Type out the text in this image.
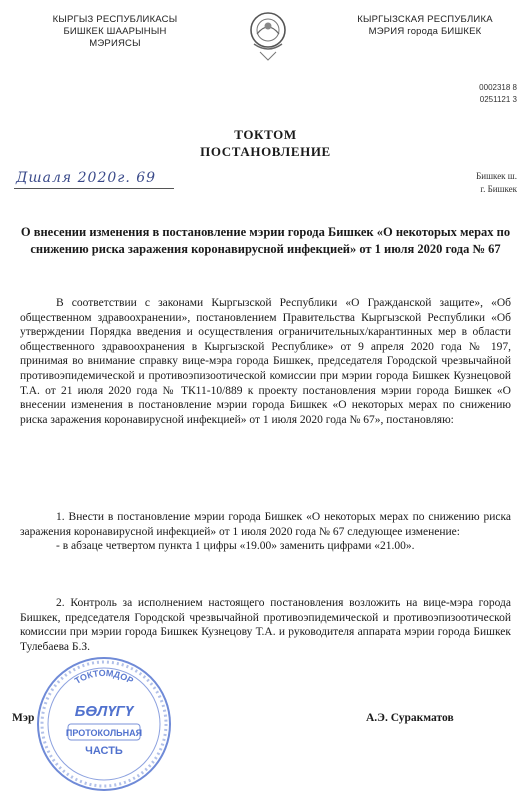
КЫРГЫЗ РЕСПУБЛИКАСЫ
БИШКЕК ШААРЫНЫН
МЭРИЯСЫ
КЫРГЫЗСКАЯ РЕСПУБЛИКА
МЭРИЯ города БИШКЕК
0002318 8
0251121 3
ТОКТОМ
ПОСТАНОВЛЕНИЕ
Дшаля 2020г. 69	Бишкек ш.
г. Бишкек
О внесении изменения в постановление мэрии города Бишкек «О некоторых мерах по снижению риска заражения коронавирусной инфекцией» от 1 июля 2020 года № 67
В соответствии с законами Кыргызской Республики «О Гражданской защите», «Об общественном здравоохранении», постановлением Правительства Кыргызской Республики «Об утверждении Порядка введения и осуществления ограничительных/карантинных мер в области общественного здравоохранения в Кыргызской Республике» от 9 апреля 2020 года № 197, принимая во внимание справку вице-мэра города Бишкек, председателя Городской чрезвычайной противоэпидемической и противоэпизоотической комиссии при мэрии города Бишкек Кузнецовой Т.А. от 21 июля 2020 года № ТК11-10/889 к проекту постановления мэрии города Бишкек «О внесении изменения в постановление мэрии города Бишкек «О некоторых мерах по снижению риска заражения коронавирусной инфекцией» от 1 июля 2020 года № 67», постановляю:
1. Внести в постановление мэрии города Бишкек «О некоторых мерах по снижению риска заражения коронавирусной инфекцией» от 1 июля 2020 года № 67 следующее изменение:
- в абзаце четвертом пункта 1 цифры «19.00» заменить цифрами «21.00».
2. Контроль за исполнением настоящего постановления возложить на вице-мэра города Бишкек, председателя Городской чрезвычайной противоэпидемической и противоэпизоотической комиссии при мэрии города Бишкек Кузнецову Т.А. и руководителя аппарата мэрии города Бишкек Тулебаева Б.З.
ТОКТОМДОР
БӨЛҮГҮ
ПРОТОКОЛЬНАЯ
ЧАСТЬ
Мэр	А.Э. Суракматов
